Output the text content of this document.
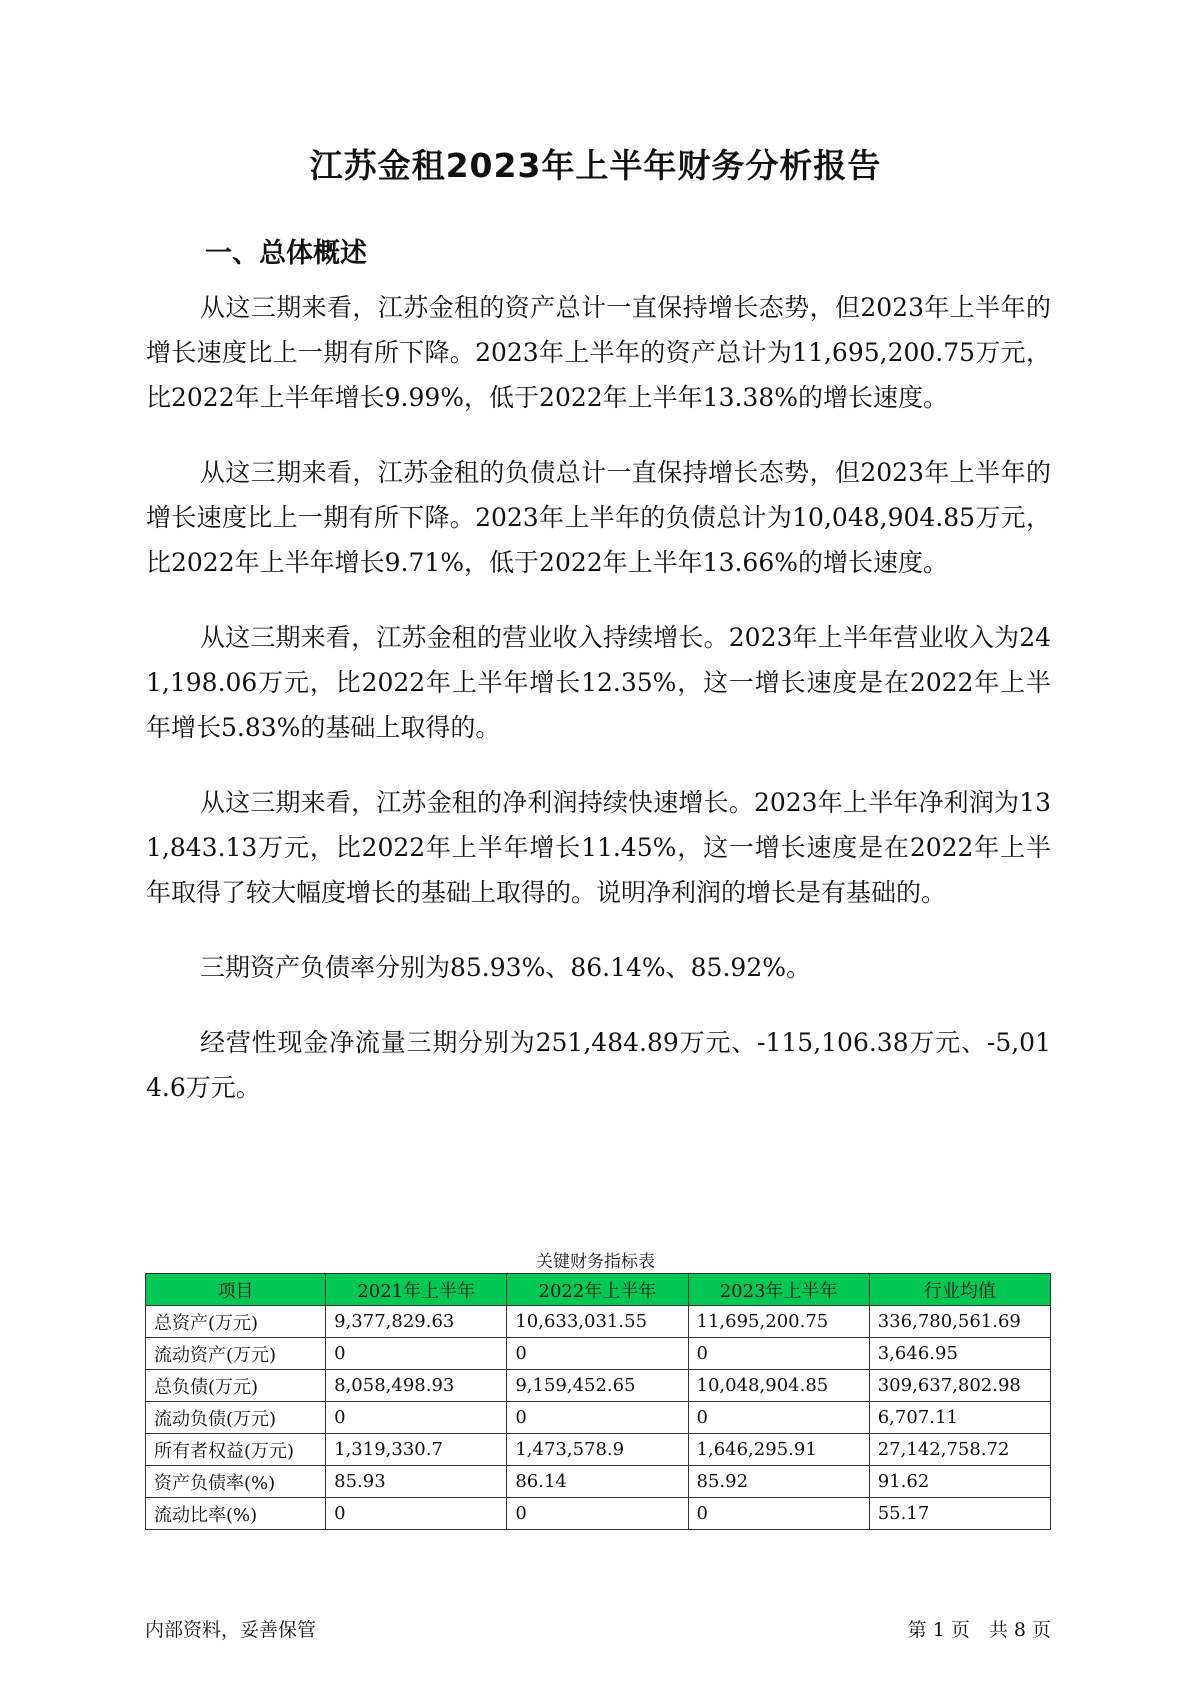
江苏金租2023年上半年财务分析报告
一、总体概述

从这三期来看，江苏金租的资产总计一直保持增长态势，但2023年上半年的增长速度比上一期有所下降。2023年上半年的资产总计为11,695,200.75万元，比2022年上半年增长9.99%，低于2022年上半年13.38%的增长速度。

从这三期来看，江苏金租的负债总计一直保持增长态势，但2023年上半年的增长速度比上一期有所下降。2023年上半年的负债总计为10,048,904.85万元，比2022年上半年增长9.71%，低于2022年上半年13.66%的增长速度。

从这三期来看，江苏金租的营业收入持续增长。2023年上半年营业收入为241,198.06万元，比2022年上半年增长12.35%，这一增长速度是在2022年上半年增长5.83%的基础上取得的。

从这三期来看，江苏金租的净利润持续快速增长。2023年上半年净利润为131,843.13万元，比2022年上半年增长11.45%，这一增长速度是在2022年上半年取得了较大幅度增长的基础上取得的。说明净利润的增长是有基础的。

三期资产负债率分别为85.93%、86.14%、85.92%。

经营性现金净流量三期分别为251,484.89万元、-115,106.38万元、-5,014.6万元。

关键财务指标表
项目	2021年上半年	2022年上半年	2023年上半年	行业均值
总资产(万元)	9,377,829.63	10,633,031.55	11,695,200.75	336,780,561.69
流动资产(万元)	0	0	0	3,646.95
总负债(万元)	8,058,498.93	9,159,452.65	10,048,904.85	309,637,802.98
流动负债(万元)	0	0	0	6,707.11
所有者权益(万元)	1,319,330.7	1,473,578.9	1,646,295.91	27,142,758.72
资产负债率(%)	85.93	86.14	85.92	91.62
流动比率(%)	0	0	0	55.17
内部资料，妥善保管	第 1 页　共 8 页
